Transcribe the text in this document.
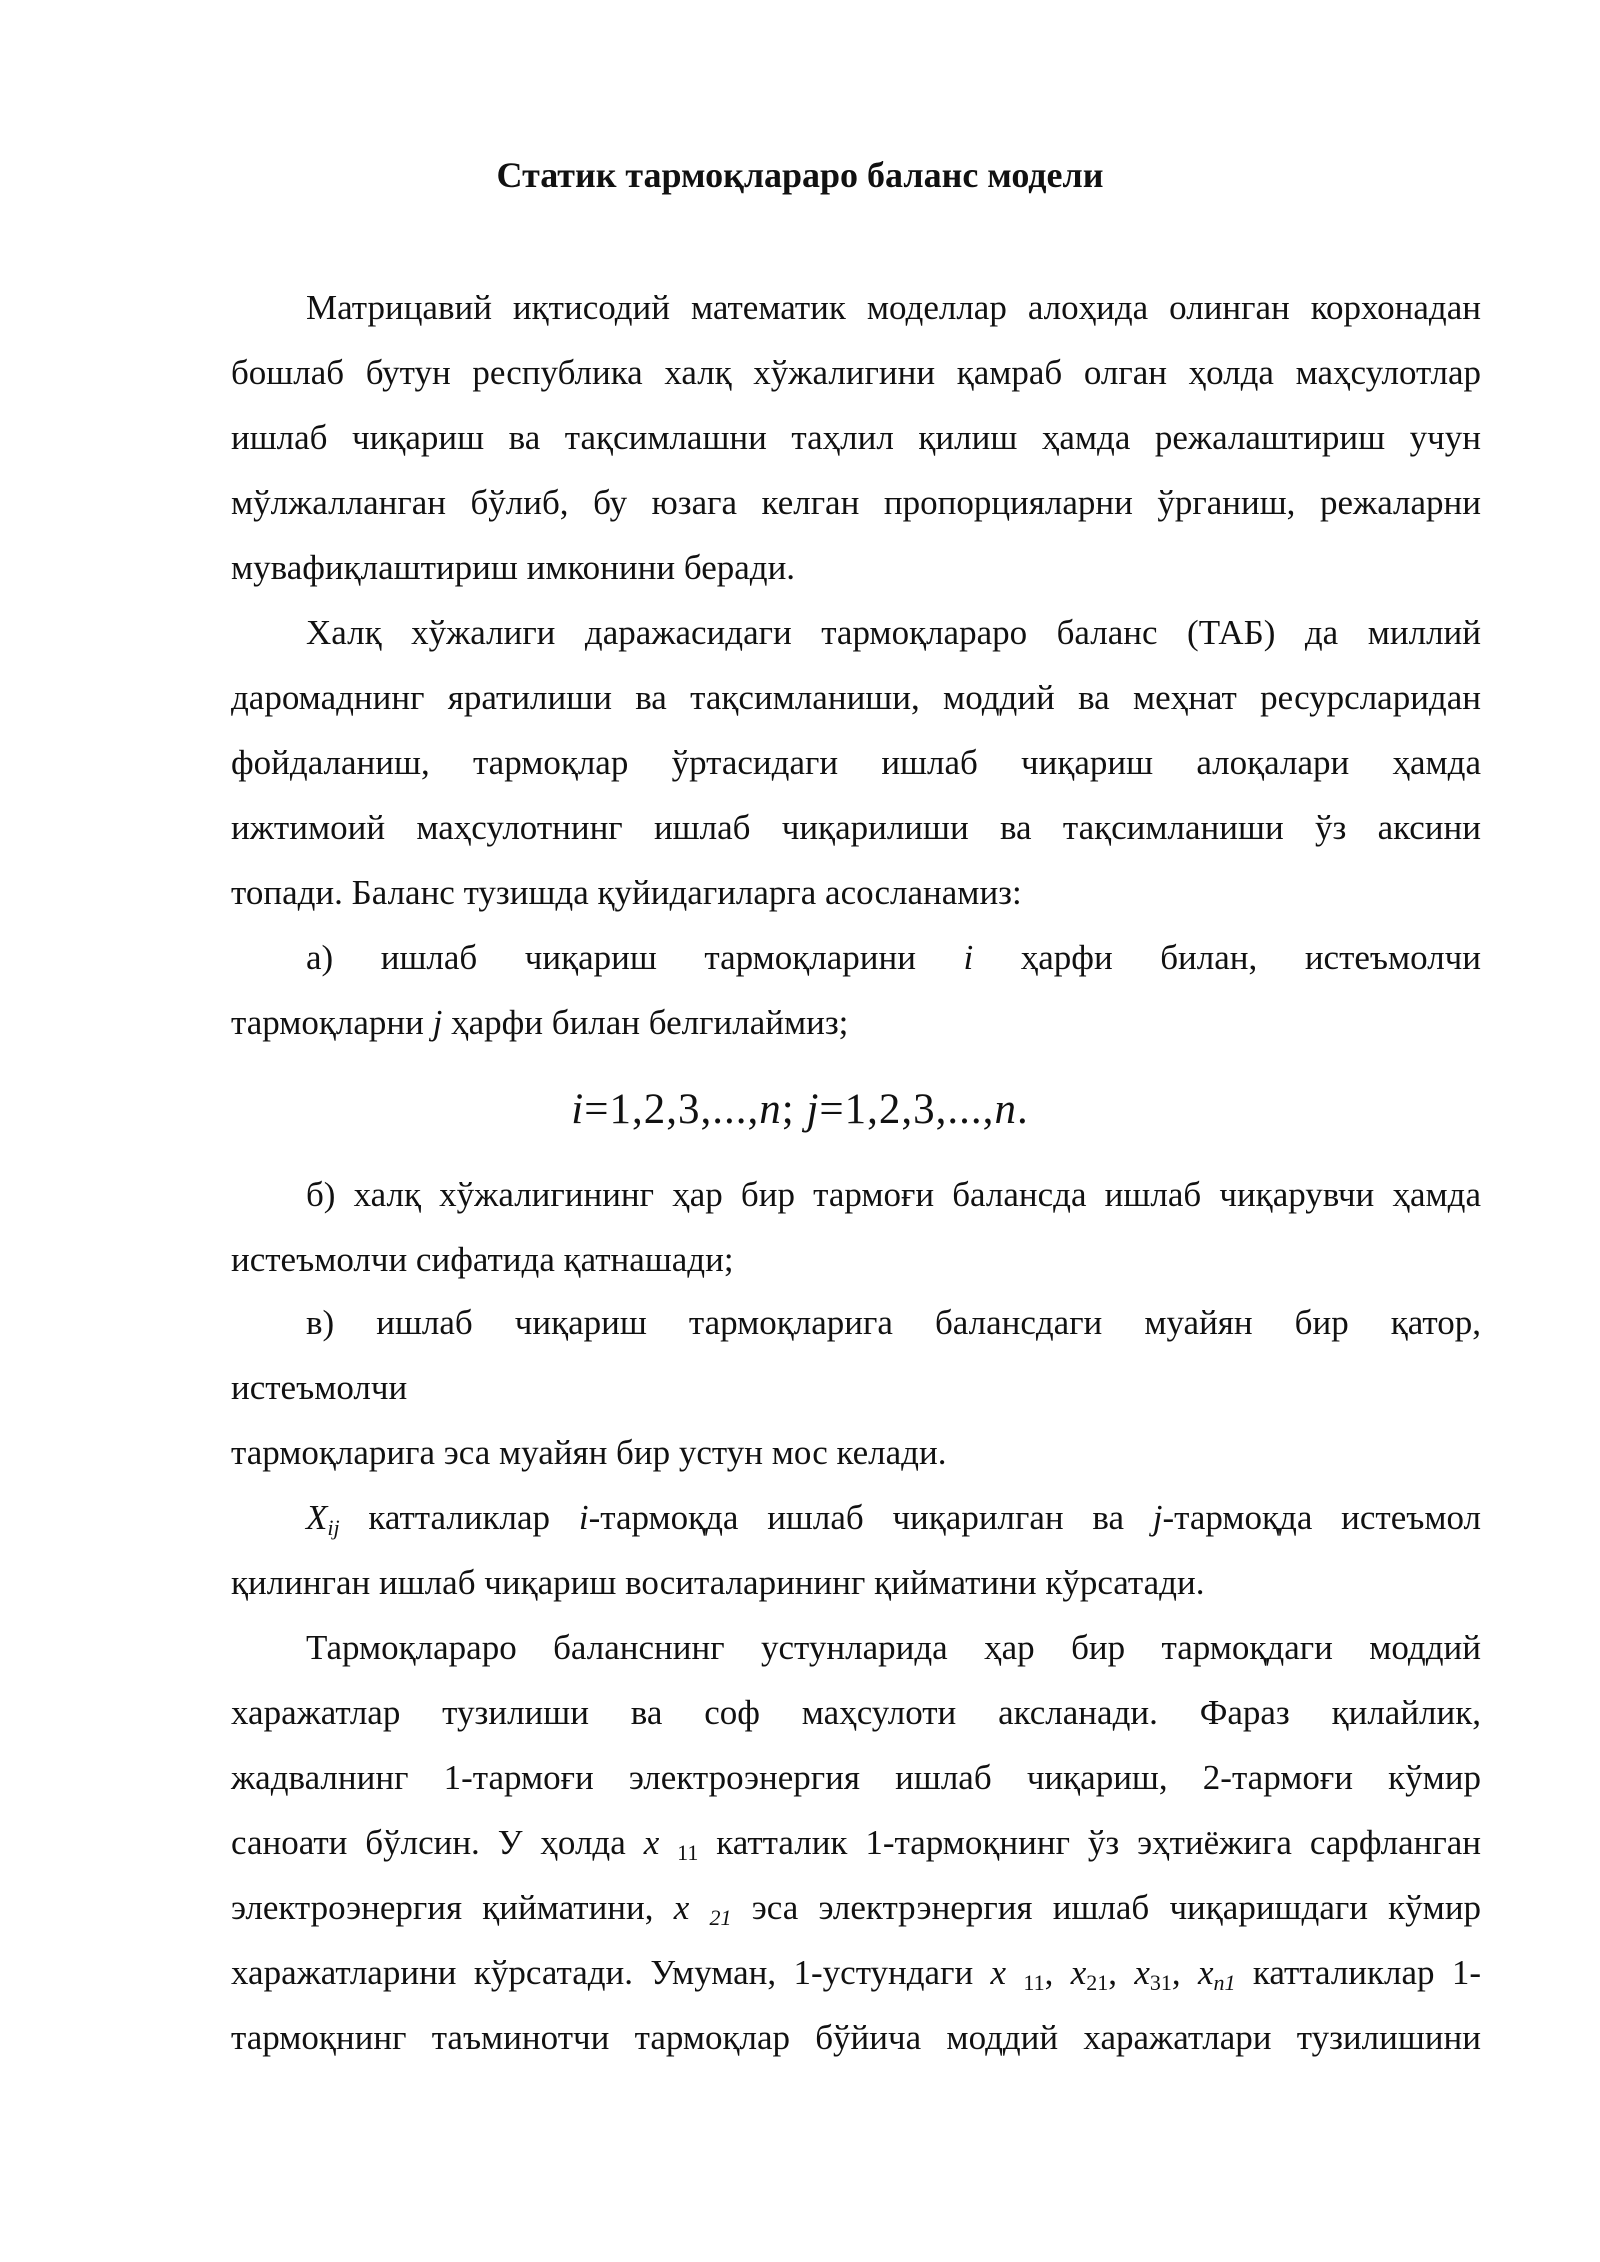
Статик тармоқлараро баланс модели
Матрицавий иқтисодий математик моделлар алоҳида олинган корхонадан
бошлаб бутун республика халқ хўжалигини қамраб олган ҳолда маҳсулотлар
ишлаб чиқариш ва тақсимлашни таҳлил қилиш ҳамда режалаштириш учун
мўлжалланган бўлиб, бу юзага келган пропорцияларни ўрганиш, режаларни
мувафиқлаштириш имконини беради.
Халқ хўжалиги даражасидаги тармоқлараро баланс (ТАБ) да миллий
даромаднинг яратилиши ва тақсимланиши, моддий ва меҳнат ресурсларидан
фойдаланиш, тармоқлар ўртасидаги ишлаб чиқариш алоқалари ҳамда
ижтимоий маҳсулотнинг ишлаб чиқарилиши ва тақсимланиши ўз аксини
топади. Баланс тузишда қуйидагиларга асосланамиз:
а) ишлаб чиқариш тармоқларини i ҳарфи билан, истеъмолчи
тармоқларни j ҳарфи билан белгилаймиз;
i=1,2,3,...,n; j=1,2,3,...,n.
б) халқ хўжалигининг ҳар бир тармоғи балансда ишлаб чиқарувчи ҳамда
истеъмолчи сифатида қатнашади;
в) ишлаб чиқариш тармоқларига балансдаги муайян бир қатор,
истеъмолчи
тармоқларига эса муайян бир устун мос келади.
$X_{ij}$ катталиклар i-тармоқда ишлаб чиқарилган ва j-тармоқда истеъмол
қилинган ишлаб чиқариш воситаларининг қийматини кўрсатади.
Тармоқлараро баланснинг устунларида ҳар бир тармоқдаги моддий
харажатлар тузилиши ва соф маҳсулоти аксланади. Фараз қилайлик,
жадвалнинг 1-тармоғи электроэнергия ишлаб чиқариш, 2-тармоғи кўмир
саноати бўлсин. У ҳолда x $_{11}$ катталик 1-тармоқнинг ўз эҳтиёжига сарфланган
электроэнергия қийматини, x $_{21}$ эса электрэнергия ишлаб чиқаришдаги кўмир
харажатларини кўрсатади. Умуман, 1-устундаги x $_{11}$, $x_{21}$, $x_{31}$, $x_{n1}$ катталиклар 1-
тармоқнинг таъминотчи тармоқлар бўйича моддий харажатлари тузилишини
